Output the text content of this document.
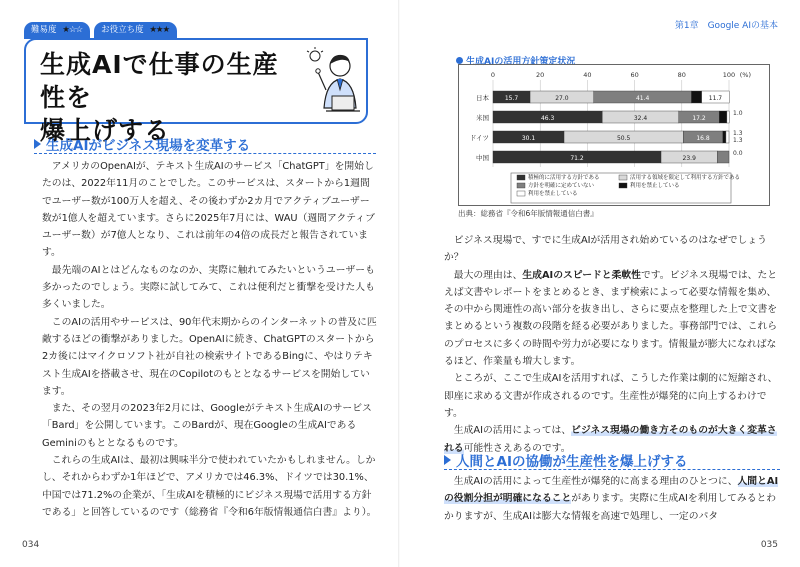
難易度 ★☆☆	お役立ち度 ★★★
生成AIで仕事の生産性を
爆上げする
生成AIがビジネス現場を変革する

アメリカのOpenAIが、テキスト生成AIのサービス「ChatGPT」を開始したのは、2022年11月のことでした。このサービスは、スタートから1週間でユーザー数が100万人を超え、その後わずか2カ月でアクティブユーザー数が1億人を超えています。さらに2025年7月には、WAU（週間アクティブユーザー数）が7億人となり、これは前年の4倍の成長だと報告されています。

最先端のAIとはどんなものなのか、実際に触れてみたいというユーザーも多かったのでしょう。実際に試してみて、これは便利だと衝撃を受けた人も多くいました。

このAIの活用やサービスは、90年代末期からのインターネットの普及に匹敵するほどの衝撃がありました。OpenAIに続き、ChatGPTのスタートから2カ後にはマイクロソフト社が自社の検索サイトであるBingに、やはりテキスト生成AIを搭載させ、現在のCopilotのもととなるサービスを開始しています。

また、その翌月の2023年2月には、Googleがテキスト生成AIのサービス「Bard」を公開しています。このBardが、現在Googleの生成AIであるGeminiのもととなるものです。

これらの生成AIは、最初は興味半分で使われていたかもしれません。しかし、それからわずか1年ほどで、アメリカでは46.3%、ドイツでは30.1%、中国では71.2%の企業が、「生成AIを積極的にビジネス現場で活用する方針である」と回答しているのです（総務省『令和6年版情報通信白書』より）。

034
第1章　Google AIの基本
生成AIの活用方針策定状況
0	20	40	60	80	100 (%)
日本	15.7	27.0	41.4	11.7
米国	46.3	32.4	17.2
ドイツ	30.1	50.5	16.8
中国	71.2	23.9
1.0
1.3
1.3
0.0
積極的に活用する方針である	活用する領域を限定して利用する方針である
方針を明確に定めていない	利用を禁止している
利用を禁止している
出典：総務省『令和6年版情報通信白書』

ビジネス現場で、すでに生成AIが活用され始めているのはなぜでしょうか？

最大の理由は、生成AIのスピードと柔軟性です。ビジネス現場では、たとえば文書やレポートをまとめるとき、まず検索によって必要な情報を集め、その中から関連性の高い部分を抜き出し、さらに要点を整理した上で文書をまとめるという複数の段階を経る必要がありました。事務部門では、これらのプロセスに多くの時間や労力が必要になります。情報量が膨大になればなるほど、作業量も増大します。

ところが、ここで生成AIを活用すれば、こうした作業は劇的に短縮され、即座に求める文書が作成されるのです。生産性が爆発的に向上するわけです。

生成AIの活用によっては、ビジネス現場の働き方そのものが大きく変革される可能性さえあるのです。

人間とAIの協働が生産性を爆上げする

生成AIの活用によって生産性が爆発的に高まる理由のひとつに、人間とAIの役割分担が明確になることがあります。実際に生成AIを利用してみるとわかりますが、生成AIは膨大な情報を高速で処理し、一定のパタ

035
